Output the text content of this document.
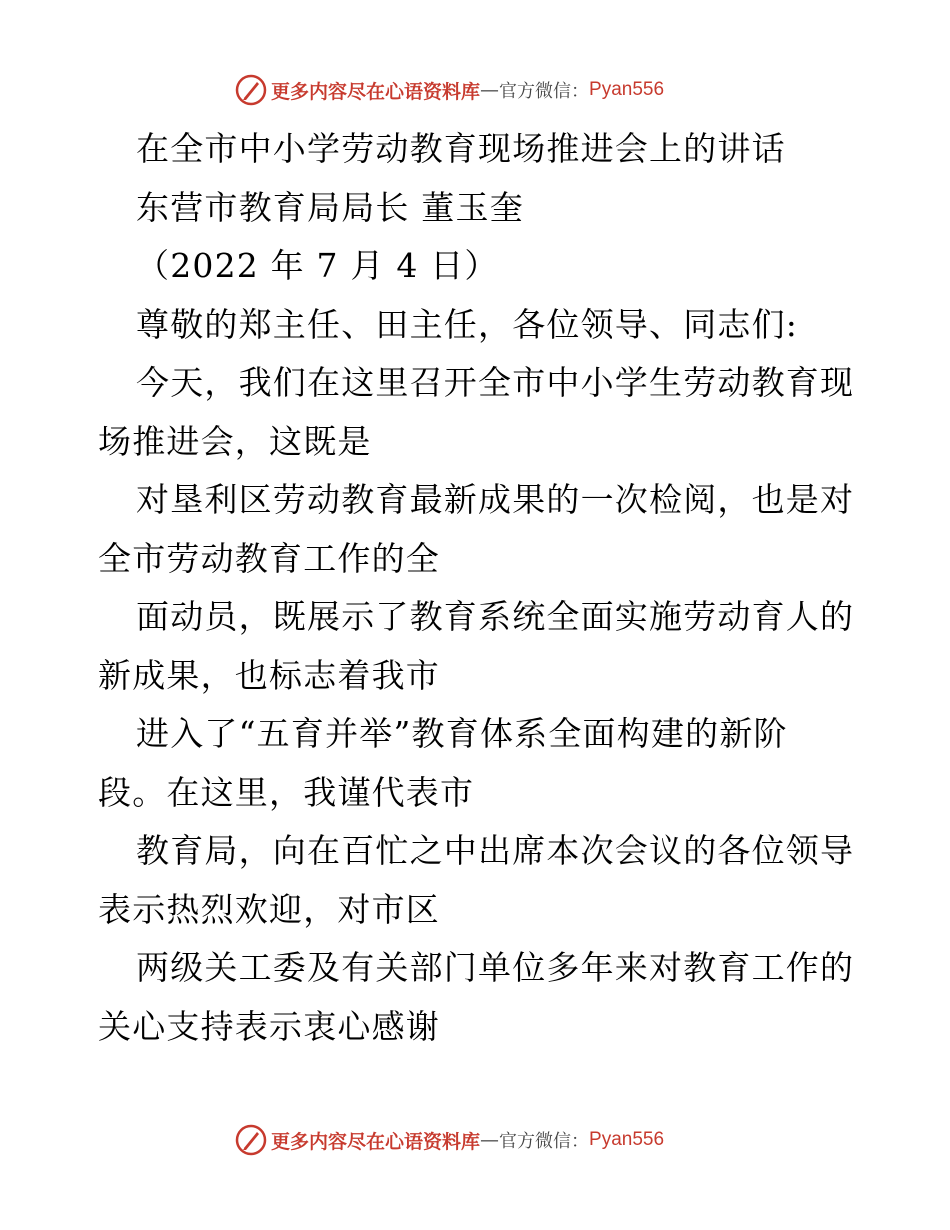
更多内容尽在心语资料库 — 官方微信： Pyan556
在全市中小学劳动教育现场推进会上的讲话
东营市教育局局长 董玉奎
（2022 年 7 月 4 日）
尊敬的郑主任、田主任，各位领导、同志们:
今天，我们在这里召开全市中小学生劳动教育现
场推进会，这既是
对垦利区劳动教育最新成果的一次检阅，也是对
全市劳动教育工作的全
面动员，既展示了教育系统全面实施劳动育人的
新成果，也标志着我市
进入了“五育并举”教育体系全面构建的新阶
段。在这里，我谨代表市
教育局，向在百忙之中出席本次会议的各位领导
表示热烈欢迎，对市区
两级关工委及有关部门单位多年来对教育工作的
关心支持表示衷心感谢
更多内容尽在心语资料库 — 官方微信： Pyan556
